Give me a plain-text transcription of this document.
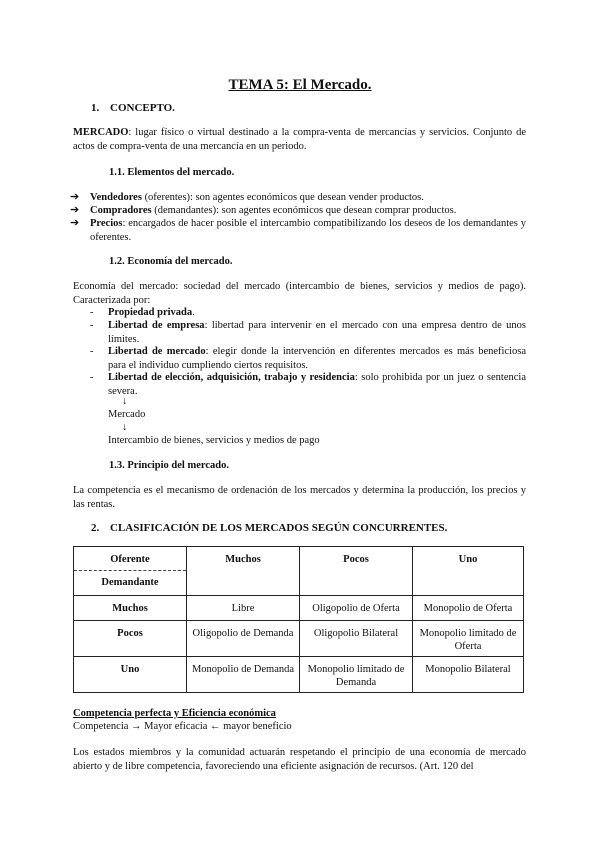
TEMA 5: El Mercado.
1. CONCEPTO.
MERCADO: lugar físico o virtual destinado a la compra-venta de mercancías y servicios. Conjunto de actos de compra-venta de una mercancía en un periodo.
1.1. Elementos del mercado.
➔ Vendedores (oferentes): son agentes económicos que desean vender productos.
➔ Compradores (demandantes): son agentes económicos que desean comprar productos.
➔ Precios: encargados de hacer posible el intercambio compatibilizando los deseos de los demandantes y oferentes.
1.2. Economía del mercado.
Economía del mercado: sociedad del mercado (intercambio de bienes, servicios y medios de pago). Caracterizada por:
- Propiedad privada.
- Libertad de empresa: libertad para intervenir en el mercado con una empresa dentro de unos límites.
- Libertad de mercado: elegir donde la intervención en diferentes mercados es más beneficiosa para el individuo cumpliendo ciertos requisitos.
- Libertad de elección, adquisición, trabajo y residencia: solo prohibida por un juez o sentencia severa.
↓
Mercado
↓
Intercambio de bienes, servicios y medios de pago
1.3. Principio del mercado.
La competencia es el mecanismo de ordenación de los mercados y determina la producción, los precios y las rentas.
2. CLASIFICACIÓN DE LOS MERCADOS SEGÚN CONCURRENTES.
Oferente
Demandante	Muchos	Pocos	Uno

Muchos	Libre	Oligopolio de Oferta	Monopolio de Oferta

Pocos	Oligopolio de Demanda	Oligopolio Bilateral	Monopolio limitado de Oferta

Uno	Monopolio de Demanda	Monopolio limitado de Demanda	Monopolio Bilateral
Competencia perfecta y Eficiencia económica
Competencia → Mayor eficacia ← mayor beneficio
Los estados miembros y la comunidad actuarán respetando el principio de una economía de mercado abierto y de libre competencia, favoreciendo una eficiente asignación de recursos. (Art. 120 del
